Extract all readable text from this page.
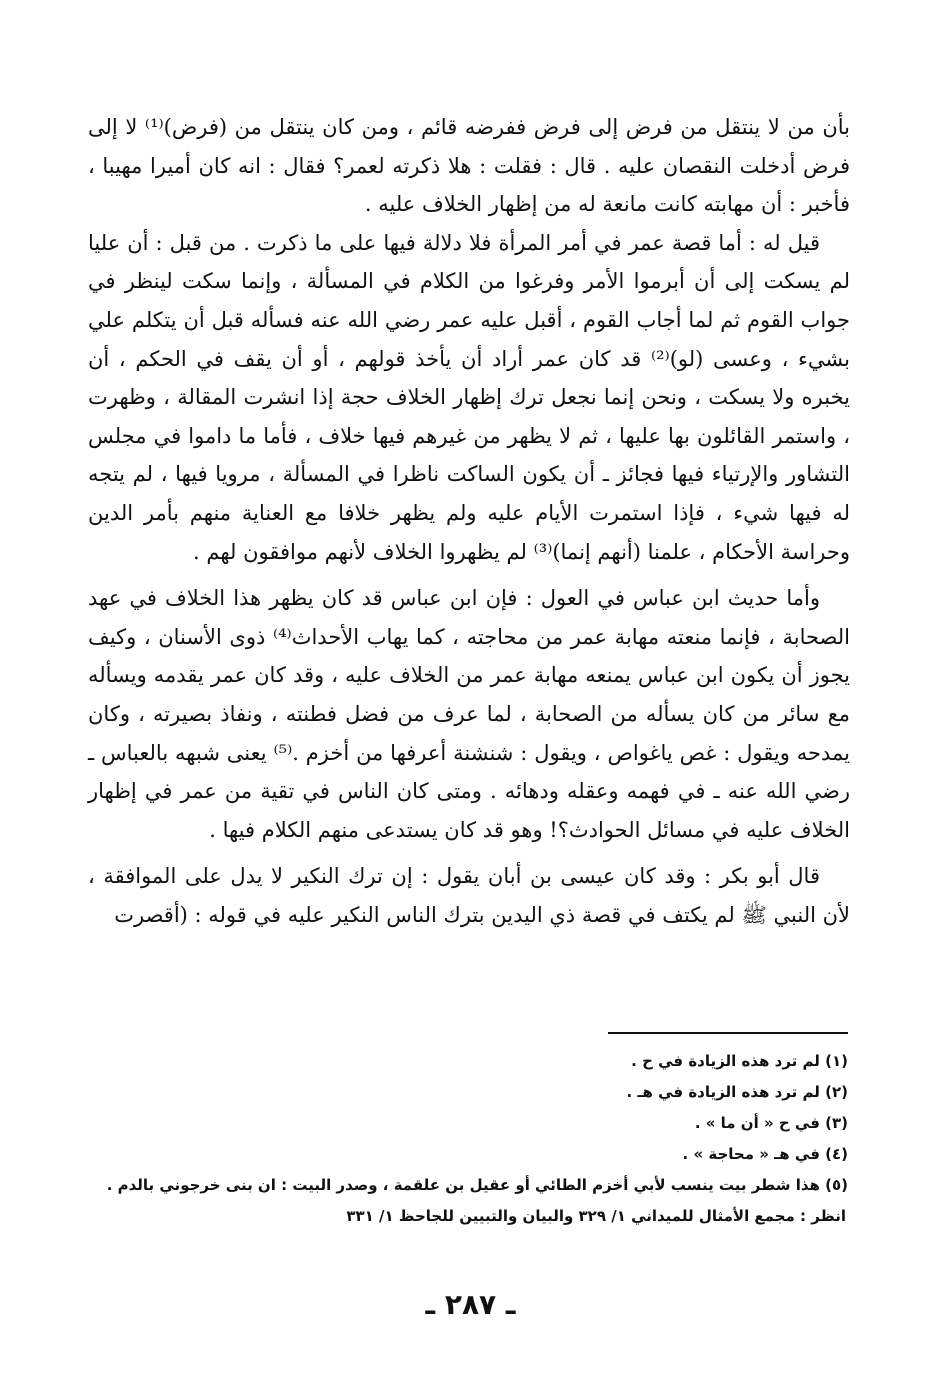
بأن من لا ينتقل من فرض إلى فرض ففرضه قائم ، ومن كان ينتقل من (فرض)⁽¹⁾ لا إلى فرض أدخلت النقصان عليه . قال : فقلت : هلا ذكرته لعمر؟ فقال : انه كان أميرا مهيبا ، فأخبر : أن مهابته كانت مانعة له من إظهار الخلاف عليه .

قيل له : أما قصة عمر في أمر المرأة فلا دلالة فيها على ما ذكرت . من قبل : أن عليا لم يسكت إلى أن أبرموا الأمر وفرغوا من الكلام في المسألة ، وإنما سكت لينظر في جواب القوم ثم لما أجاب القوم ، أقبل عليه عمر رضي الله عنه فسأله قبل أن يتكلم علي بشيء ، وعسى (لو)⁽²⁾ قد كان عمر أراد أن يأخذ قولهم ، أو أن يقف في الحكم ، أن يخبره ولا يسكت ، ونحن إنما نجعل ترك إظهار الخلاف حجة إذا انشرت المقالة ، وظهرت ، واستمر القائلون بها عليها ، ثم لا يظهر من غيرهم فيها خلاف ، فأما ما داموا في مجلس التشاور والإرتياء فيها فجائز ـ أن يكون الساكت ناظرا في المسألة ، مرويا فيها ، لم يتجه له فيها شيء ، فإذا استمرت الأيام عليه ولم يظهر خلافا مع العناية منهم بأمر الدين وحراسة الأحكام ، علمنا (أنهم إنما)⁽³⁾ لم يظهروا الخلاف لأنهم موافقون لهم .

وأما حديث ابن عباس في العول : فإن ابن عباس قد كان يظهر هذا الخلاف في عهد الصحابة ، فإنما منعته مهابة عمر من محاجته ، كما يهاب الأحداث⁽⁴⁾ ذوى الأسنان ، وكيف يجوز أن يكون ابن عباس يمنعه مهابة عمر من الخلاف عليه ، وقد كان عمر يقدمه ويسأله مع سائر من كان يسأله من الصحابة ، لما عرف من فضل فطنته ، ونفاذ بصيرته ، وكان يمدحه ويقول : غص ياغواص ، ويقول : شنشنة أعرفها من أخزم .⁽⁵⁾ يعنى شبهه بالعباس ـ رضي الله عنه ـ في فهمه وعقله ودهائه . ومتى كان الناس في تقية من عمر في إظهار الخلاف عليه في مسائل الحوادث؟! وهو قد كان يستدعى منهم الكلام فيها .

قال أبو بكر : وقد كان عيسى بن أبان يقول : إن ترك النكير لا يدل على الموافقة ، لأن النبي ﷺ لم يكتف في قصة ذي اليدين بترك الناس النكير عليه في قوله : (أقصرت

(١) لم ترد هذه الزيادة في ح .

(٢) لم ترد هذه الزيادة في هـ .

(٣) في ح « أن ما » .

(٤) في هـ « محاجة » .

(٥) هذا شطر بيت ينسب لأبي أخزم الطائي أو عقيل بن علقمة ، وصدر البيت : ان بنى خرجوني بالدم .

انظر : مجمع الأمثال للميداني ١/ ٣٢٩ والبيان والتبيين للجاحظ ١/ ٣٣١

ـ ٢٨٧ ـ
